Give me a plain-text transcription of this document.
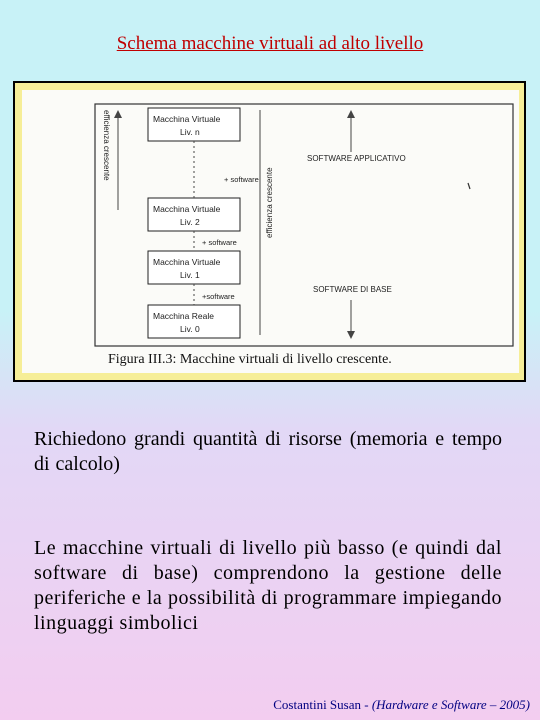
Schema macchine virtuali ad alto livello
efficienza crescente	Macchina Virtuale
Liv. n
Macchina Virtuale
Liv. 2
Macchina Virtuale
Liv. 1
Macchina Reale
Liv. 0
+ software
+ software
+software
efficienza crescente
SOFTWARE APPLICATIVO
SOFTWARE DI BASE
Figura III.3: Macchine virtuali di livello crescente.
Richiedono grandi quantità di risorse (memoria e tempo di calcolo)
Le macchine virtuali di livello più basso (e quindi dal software di base) comprendono la gestione delle periferiche e la possibilità di programmare impiegando linguaggi simbolici
Costantini Susan - (Hardware e Software – 2005)
